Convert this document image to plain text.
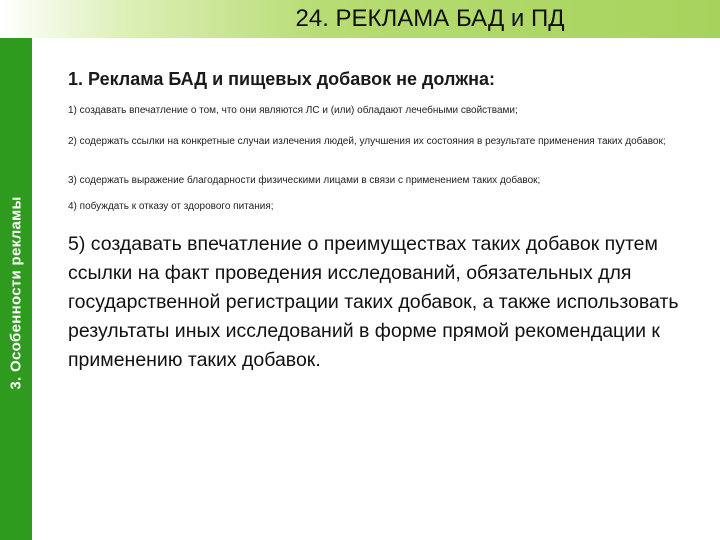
24. РЕКЛАМА БАД и ПД
3. Особенности рекламы
1. Реклама БАД и пищевых добавок не должна:
1) создавать впечатление о том, что они являются ЛС и (или) обладают лечебными свойствами;
2) содержать ссылки на конкретные случаи излечения людей, улучшения их состояния в результате применения таких добавок;
3) содержать выражение благодарности физическими лицами в связи с применением таких добавок;
4) побуждать к отказу от здорового питания;
5) создавать впечатление о преимуществах таких добавок путем ссылки на факт проведения исследований, обязательных для государственной регистрации таких добавок, а также использовать результаты иных исследований в форме прямой рекомендации к применению таких добавок.
